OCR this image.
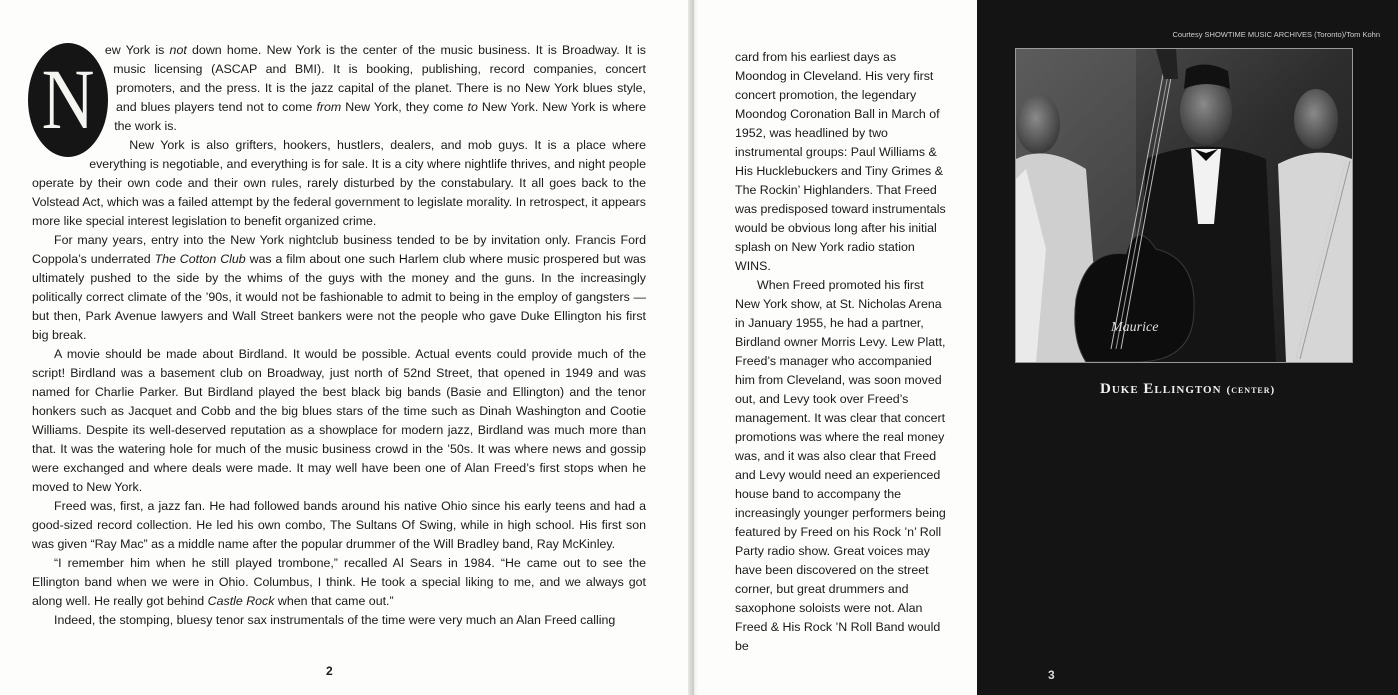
N

ew York is not down home. New York is the center of the music business. It is Broadway. It is music licensing (ASCAP and BMI). It is booking, publishing, record companies, concert promoters, and the press. It is the jazz capital of the planet. There is no New York blues style, and blues players tend not to come from New York, they come to New York. New York is where the work is.

New York is also grifters, hookers, hustlers, dealers, and mob guys. It is a place where everything is negotiable, and everything is for sale. It is a city where nightlife thrives, and night people operate by their own code and their own rules, rarely disturbed by the constabulary. It all goes back to the Volstead Act, which was a failed attempt by the federal government to legislate morality. In retrospect, it appears more like special interest legislation to benefit organized crime.

For many years, entry into the New York nightclub business tended to be by invitation only. Francis Ford Coppola’s underrated The Cotton Club was a film about one such Harlem club where music prospered but was ultimately pushed to the side by the whims of the guys with the money and the guns. In the increasingly politically correct climate of the ’90s, it would not be fashionable to admit to being in the employ of gangsters — but then, Park Avenue lawyers and Wall Street bankers were not the people who gave Duke Ellington his first big break.

A movie should be made about Birdland. It would be possible. Actual events could provide much of the script! Birdland was a basement club on Broadway, just north of 52nd Street, that opened in 1949 and was named for Charlie Parker. But Birdland played the best black big bands (Basie and Ellington) and the tenor honkers such as Jacquet and Cobb and the big blues stars of the time such as Dinah Washington and Cootie Williams. Despite its well-deserved reputation as a showplace for modern jazz, Birdland was much more than that. It was the watering hole for much of the music business crowd in the ’50s. It was where news and gossip were exchanged and where deals were made. It may well have been one of Alan Freed’s first stops when he moved to New York.

Freed was, first, a jazz fan. He had followed bands around his native Ohio since his early teens and had a good-sized record collection. He led his own combo, The Sultans Of Swing, while in high school. His first son was given “Ray Mac” as a middle name after the popular drummer of the Will Bradley band, Ray McKinley.

“I remember him when he still played trombone,” recalled Al Sears in 1984. “He came out to see the Ellington band when we were in Ohio. Columbus, I think. He took a special liking to me, and we always got along well. He really got behind Castle Rock when that came out.”

Indeed, the stomping, bluesy tenor sax instrumentals of the time were very much an Alan Freed calling

card from his earliest days as Moondog in Cleveland. His very first concert promotion, the legendary Moondog Coronation Ball in March of 1952, was headlined by two instrumental groups: Paul Williams & His Hucklebuckers and Tiny Grimes & The Rockin’ Highlanders. That Freed was predisposed toward instrumentals would be obvious long after his initial splash on New York radio station WINS.

When Freed promoted his first New York show, at St. Nicholas Arena in January 1955, he had a partner, Birdland owner Morris Levy. Lew Platt, Freed’s manager who accompanied him from Cleveland, was soon moved out, and Levy took over Freed’s management. It was clear that concert promotions was where the real money was, and it was also clear that Freed and Levy would need an experienced house band to accompany the increasingly younger performers being featured by Freed on his Rock ’n’ Roll Party radio show. Great voices may have been discovered on the street corner, but great drummers and saxophone soloists were not. Alan Freed & His Rock ’N Roll Band would be

2
Courtesy SHOWTIME MUSIC ARCHIVES (Toronto)/Tom Kohn
Maurice
Duke Ellington (center)
3
